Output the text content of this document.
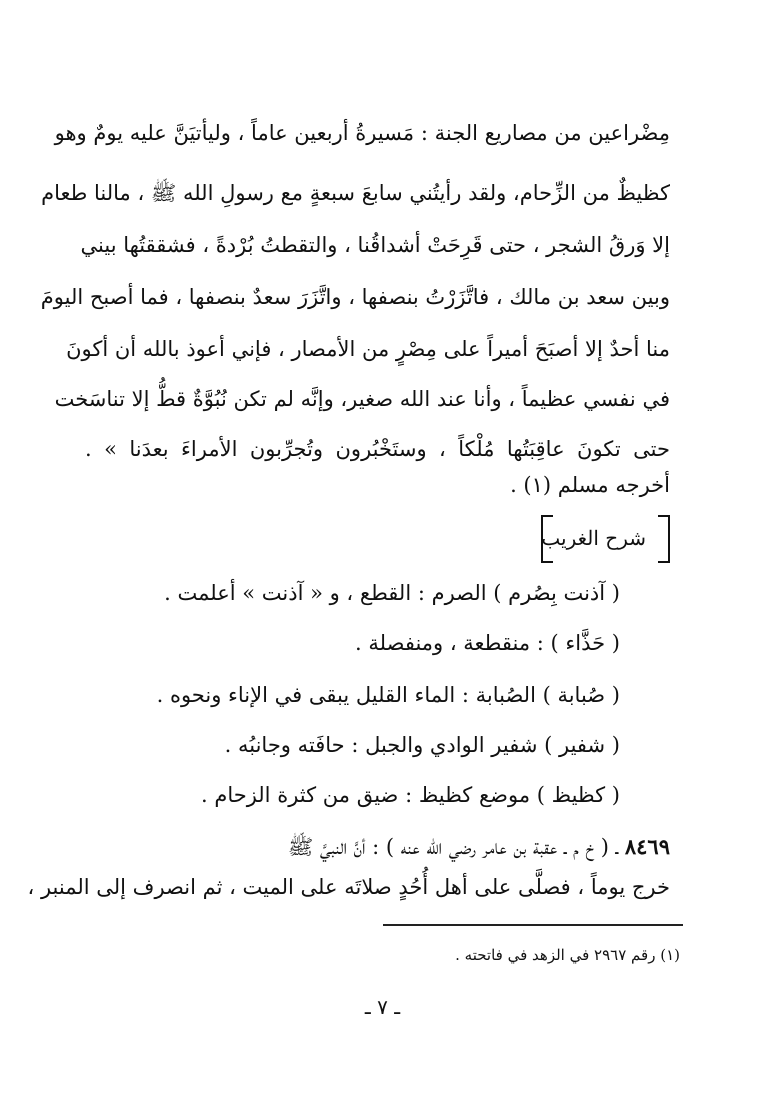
مِضْراعين من مصاريع الجنة : مَسيرةُ أربعين عاماً ، وليأتيَنَّ عليه يومٌ وهو
كظيظٌ من الزِّحام، ولقد رأيتُني سابعَ سبعةٍ مع رسولِ الله ﷺ ، مالنا طعام
إلا وَرقُ الشجر ، حتى قَرِحَتْ أشداقُنا ، والتقطتُ بُرْدةً ، فشققتُها بيني
وبين سعد بن مالك ، فاتَّزَرْتُ بنصفها ، واتَّزَرَ سعدٌ بنصفها ، فما أصبح اليومَ
منا أحدٌ إلا أصبَحَ أميراً على مِصْرٍ من الأمصار ، فإني أعوذ بالله أن أكونَ
في نفسي عظيماً ، وأنا عند الله صغير، وإنَّه لم تكن نُبُوَّةٌ قطُّ إلا تناسَخت
حتى تكونَ عاقِبَتُها مُلْكاً ، وستَخْبُرون وتُجرِّبون الأمراءَ بعدَنا » .
أخرجه مسلم (١) .
شرح الغريب
( آذنت بِصُرم ) الصرم : القطع ، و « آذنت » أعلمت .
( حَذَّاء ) : منقطعة ، ومنفصلة .
( صُبابة ) الصُبابة : الماء القليل يبقى في الإناء ونحوه .
( شفير ) شفير الوادي والجبل : حافَته وجانبُه .
( كظيظ ) موضع كظيظ : ضيق من كثرة الزحام .
٨٤٦٩ ـ ( خ م ـ عقبة بن عامر رضي الله عنه ) : أنَّ النبيَّ ﷺ
خرج يوماً ، فصلَّى على أهل أُحُدٍ صلاتَه على الميت ، ثم انصرف إلى المنبر ،
(١) رقم ٢٩٦٧ في الزهد في فاتحته .
ـ ٧ ـ
